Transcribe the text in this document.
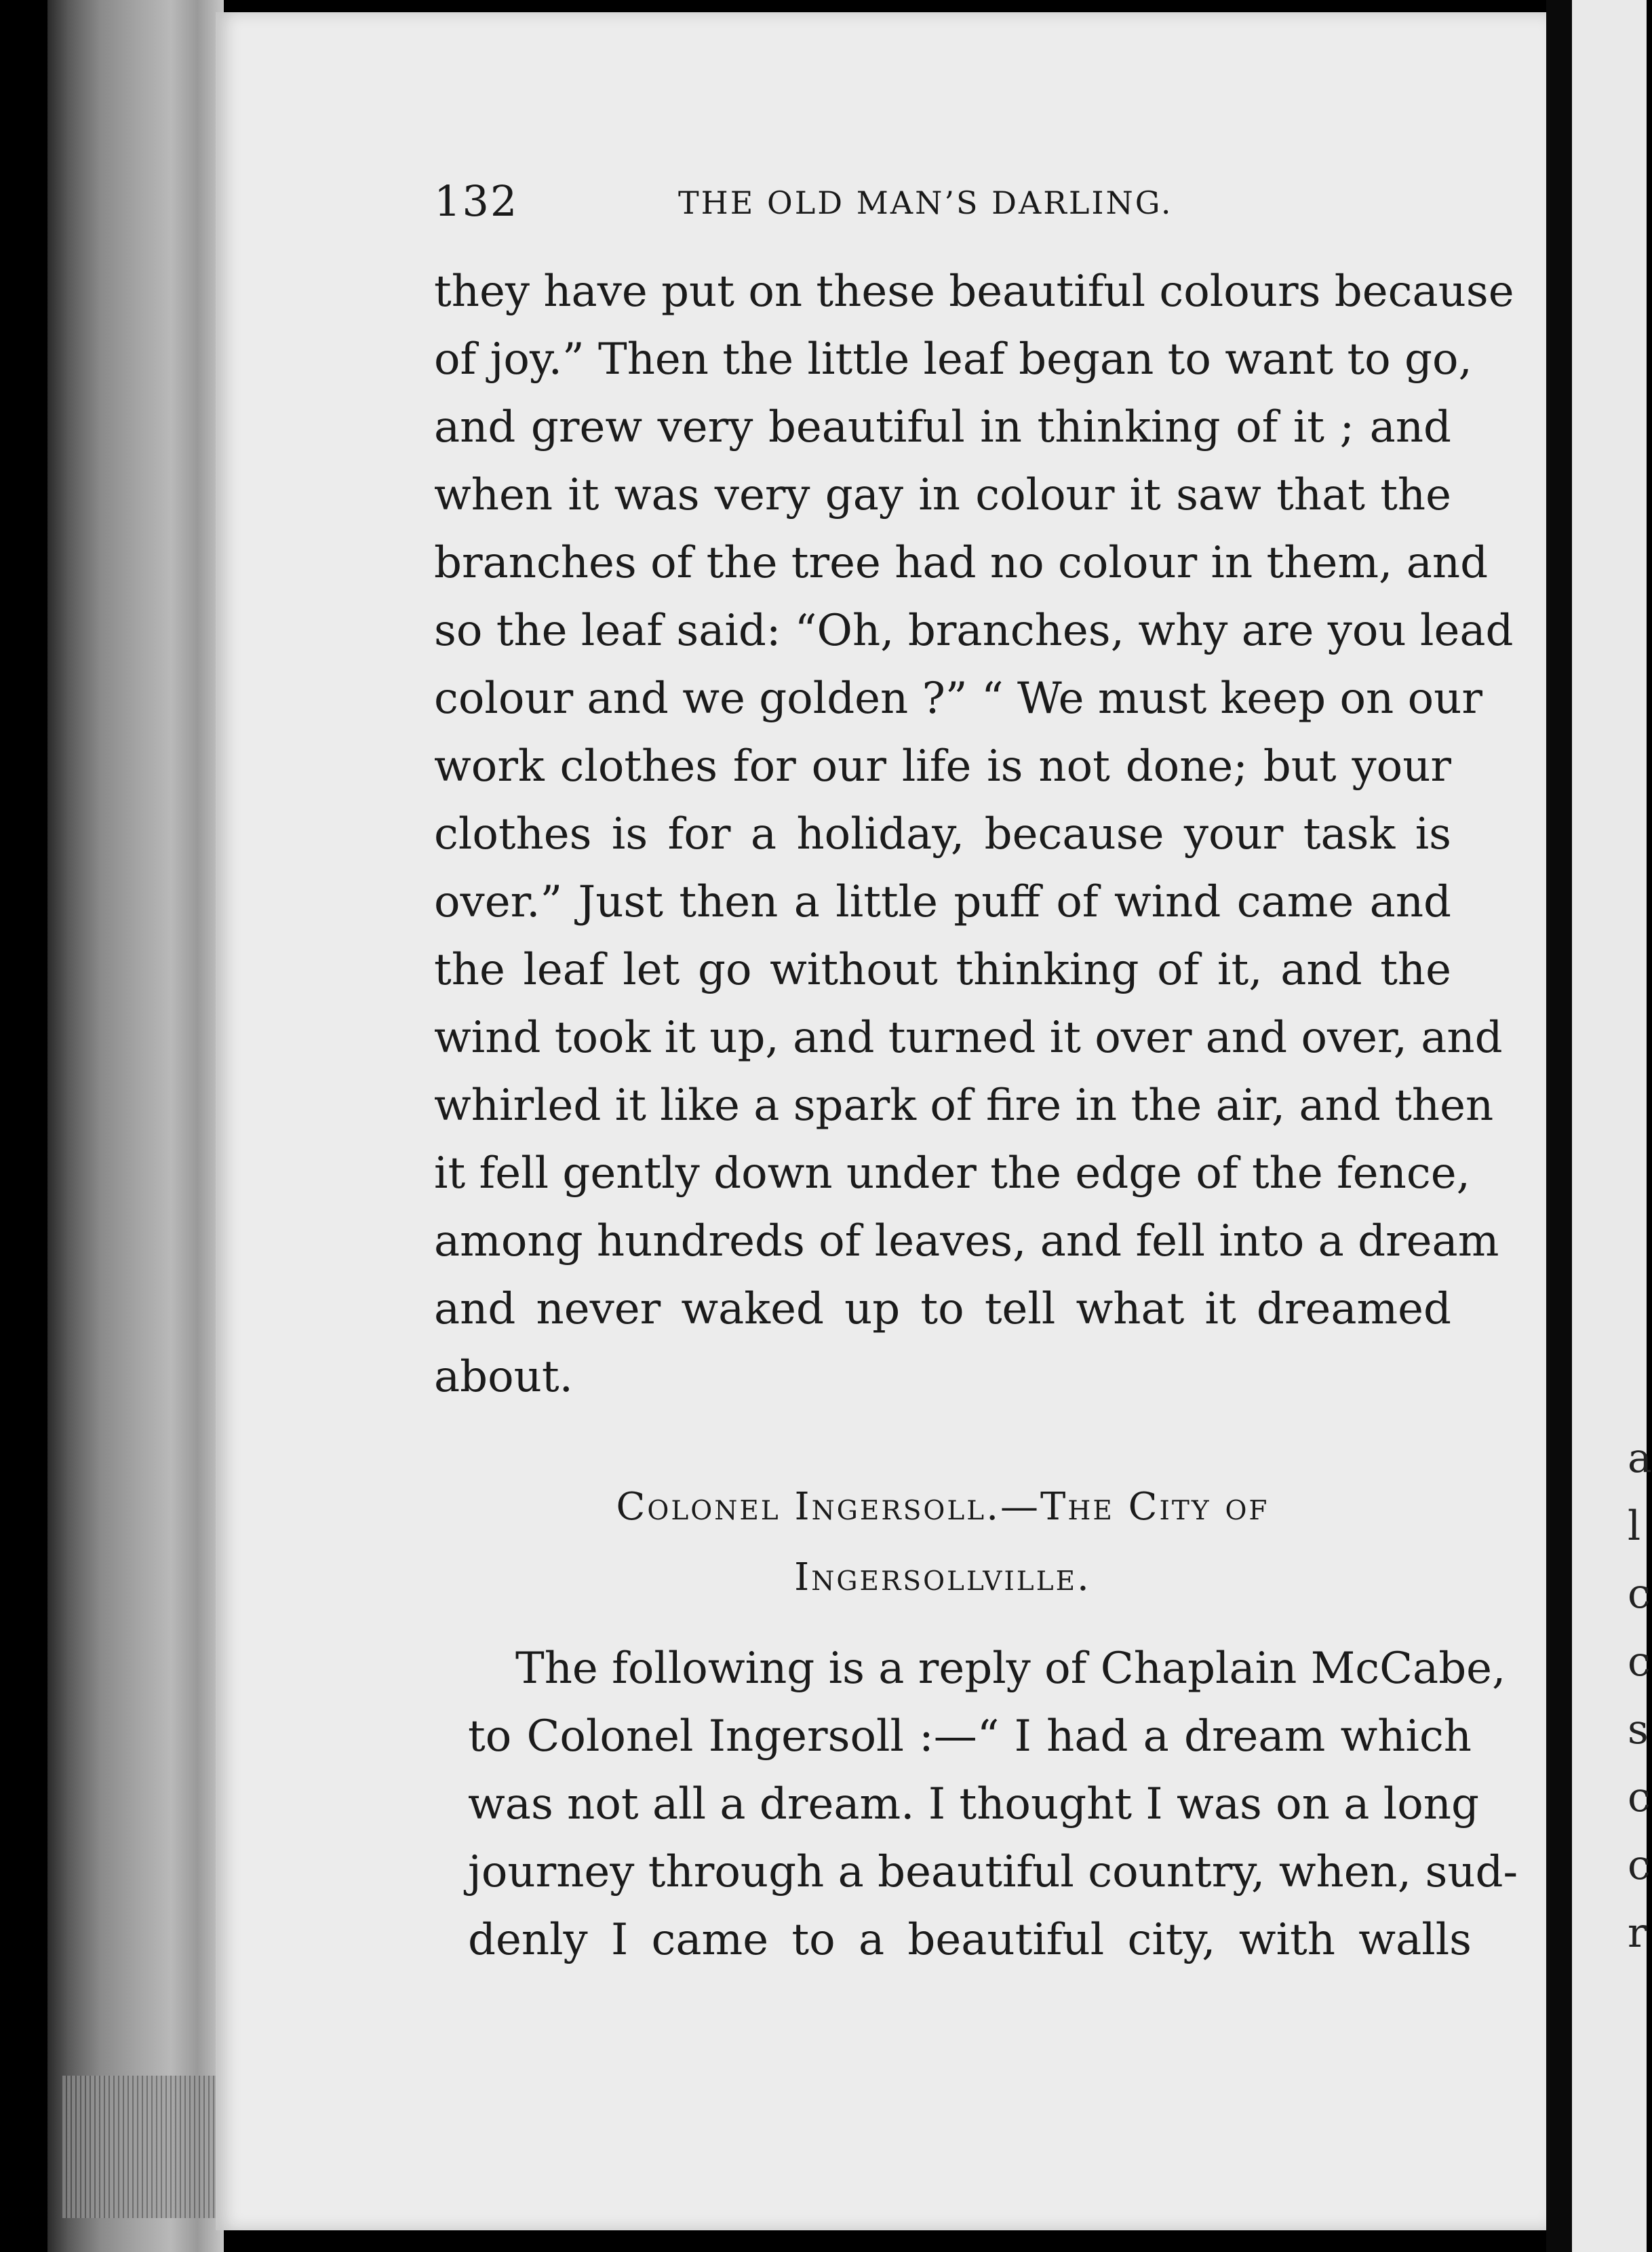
a
l
c
c
s
c
c
r
132	THE OLD MAN’S DARLING.
they have put on these beautiful colours because
of joy.” Then the little leaf began to want to go,
and grew very beautiful in thinking of it ; and
when it was very gay in colour it saw that the
branches of the tree had no colour in them, and
so the leaf said: “Oh, branches, why are you lead
colour and we golden ?” “ We must keep on our
work clothes for our life is not done; but your
clothes is for a holiday, because your task is
over.” Just then a little puff of wind came and
the leaf let go without thinking of it, and the
wind took it up, and turned it over and over, and
whirled it like a spark of fire in the air, and then
it fell gently down under the edge of the fence,
among hundreds of leaves, and fell into a dream
and never waked up to tell what it dreamed
about.
Colonel Ingersoll.—The City of
Ingersollville.
The following is a reply of Chaplain McCabe,
to Colonel Ingersoll :—“ I had a dream which
was not all a dream. I thought I was on a long
journey through a beautiful country, when, sud-
denly I came to a beautiful city, with walls
